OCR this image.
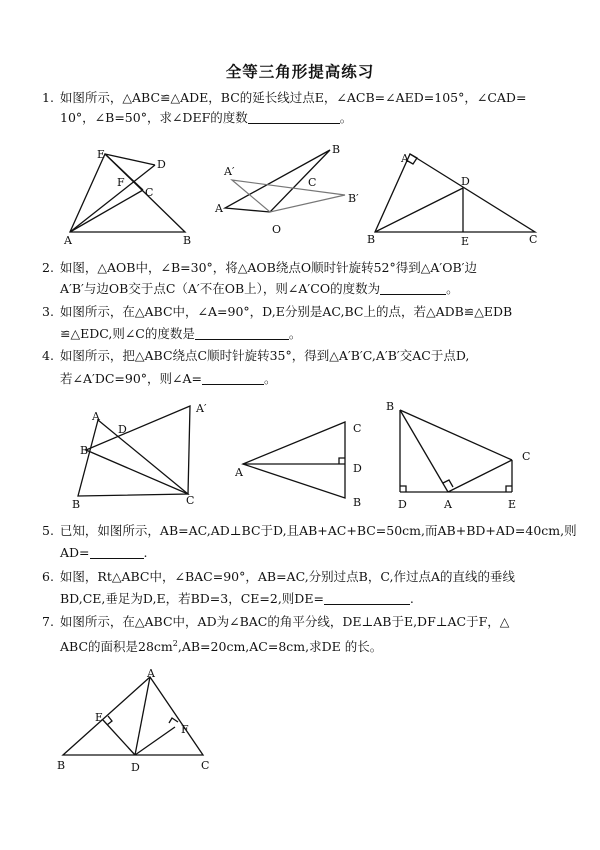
全等三角形提高练习
1. 如图所示，△ABC≌△ADE，BC的延长线过点E，∠ACB=∠AED=105°，∠CAD=
10°，∠B=50°，求∠DEF的度数	。
E
D
F
C
A	B
B
A′
C
B′
A
O
A
D
B	E	C
2. 如图，△AOB中，∠B=30°，将△AOB绕点O顺时针旋转52°得到△A′OB′边
A′B′与边OB交于点C（A′不在OB上），则∠A′CO的度数为	。
3. 如图所示，在△ABC中，∠A=90°，D,E分别是AC,BC上的点，若△ADB≌△EDB
≌△EDC,则∠C的度数是	。
4. 如图所示，把△ABC绕点C顺时针旋转35°，得到△A′B′C,A′B′交AC于点D,
若∠A′DC=90°，则∠A=	。
A
A′
D
B
B	C
C
D
A
B
B
C
D	A	E
5. 已知，如图所示，AB=AC,AD⊥BC于D,且AB+AC+BC=50cm,而AB+BD+AD=40cm,则
AD=	.
6. 如图，Rt△ABC中，∠BAC=90°，AB=AC,分别过点B，C,作过点A的直线的垂线
BD,CE,垂足为D,E，若BD=3，CE=2,则DE=	.
7. 如图所示，在△ABC中，AD为∠BAC的角平分线，DE⊥AB于E,DF⊥AC于F，△
ABC的面积是$28cm^2,AB=20cm,AC=8cm$,求DE 的长。
A
E
F
B	D	C
